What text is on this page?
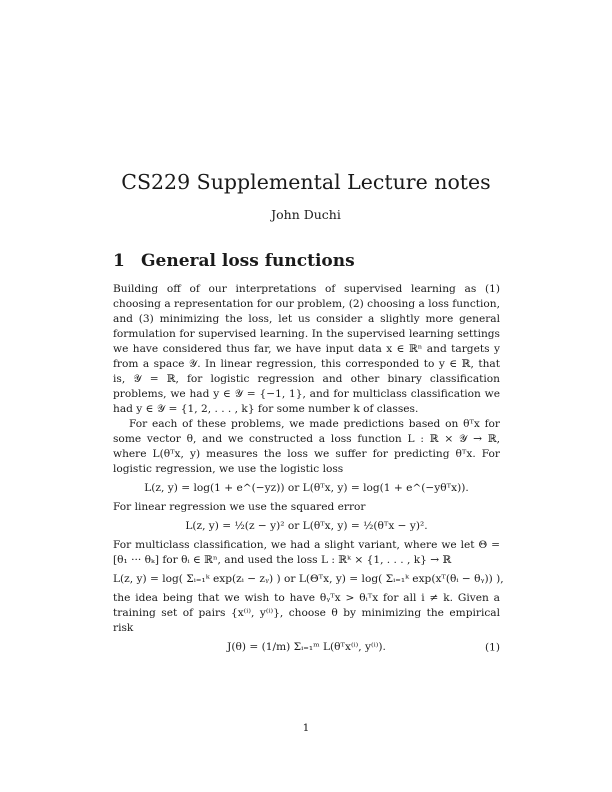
CS229 Supplemental Lecture notes
John Duchi
1 General loss functions

Building off of our interpretations of supervised learning as (1) choosing a representation for our problem, (2) choosing a loss function, and (3) minimizing the loss, let us consider a slightly more general formulation for supervised learning. In the supervised learning settings we have considered thus far, we have input data x ∈ ℝⁿ and targets y from a space 𝒴. In linear regression, this corresponded to y ∈ ℝ, that is, 𝒴 = ℝ, for logistic regression and other binary classification problems, we had y ∈ 𝒴 = {−1, 1}, and for multiclass classification we had y ∈ 𝒴 = {1, 2, . . . , k} for some number k of classes.

For each of these problems, we made predictions based on θᵀx for some vector θ, and we constructed a loss function L : ℝ × 𝒴 → ℝ, where L(θᵀx, y) measures the loss we suffer for predicting θᵀx. For logistic regression, we use the logistic loss

L(z, y) = log(1 + e^(−yz)) or L(θᵀx, y) = log(1 + e^(−yθᵀx)).

For linear regression we use the squared error

L(z, y) = ½(z − y)² or L(θᵀx, y) = ½(θᵀx − y)².

For multiclass classification, we had a slight variant, where we let Θ = [θ₁ ··· θₖ] for θᵢ ∈ ℝⁿ, and used the loss L : ℝᵏ × {1, . . . , k} → ℝ

L(z, y) = log( Σᵢ₌₁ᵏ exp(zᵢ − zᵧ) ) or L(Θᵀx, y) = log( Σᵢ₌₁ᵏ exp(xᵀ(θᵢ − θᵧ)) ),

the idea being that we wish to have θᵧᵀx > θᵢᵀx for all i ≠ k. Given a training set of pairs {x⁽ⁱ⁾, y⁽ⁱ⁾}, choose θ by minimizing the empirical risk

J(θ) = (1/m) Σᵢ₌₁ᵐ L(θᵀx⁽ⁱ⁾, y⁽ⁱ⁾).	(1)
1
